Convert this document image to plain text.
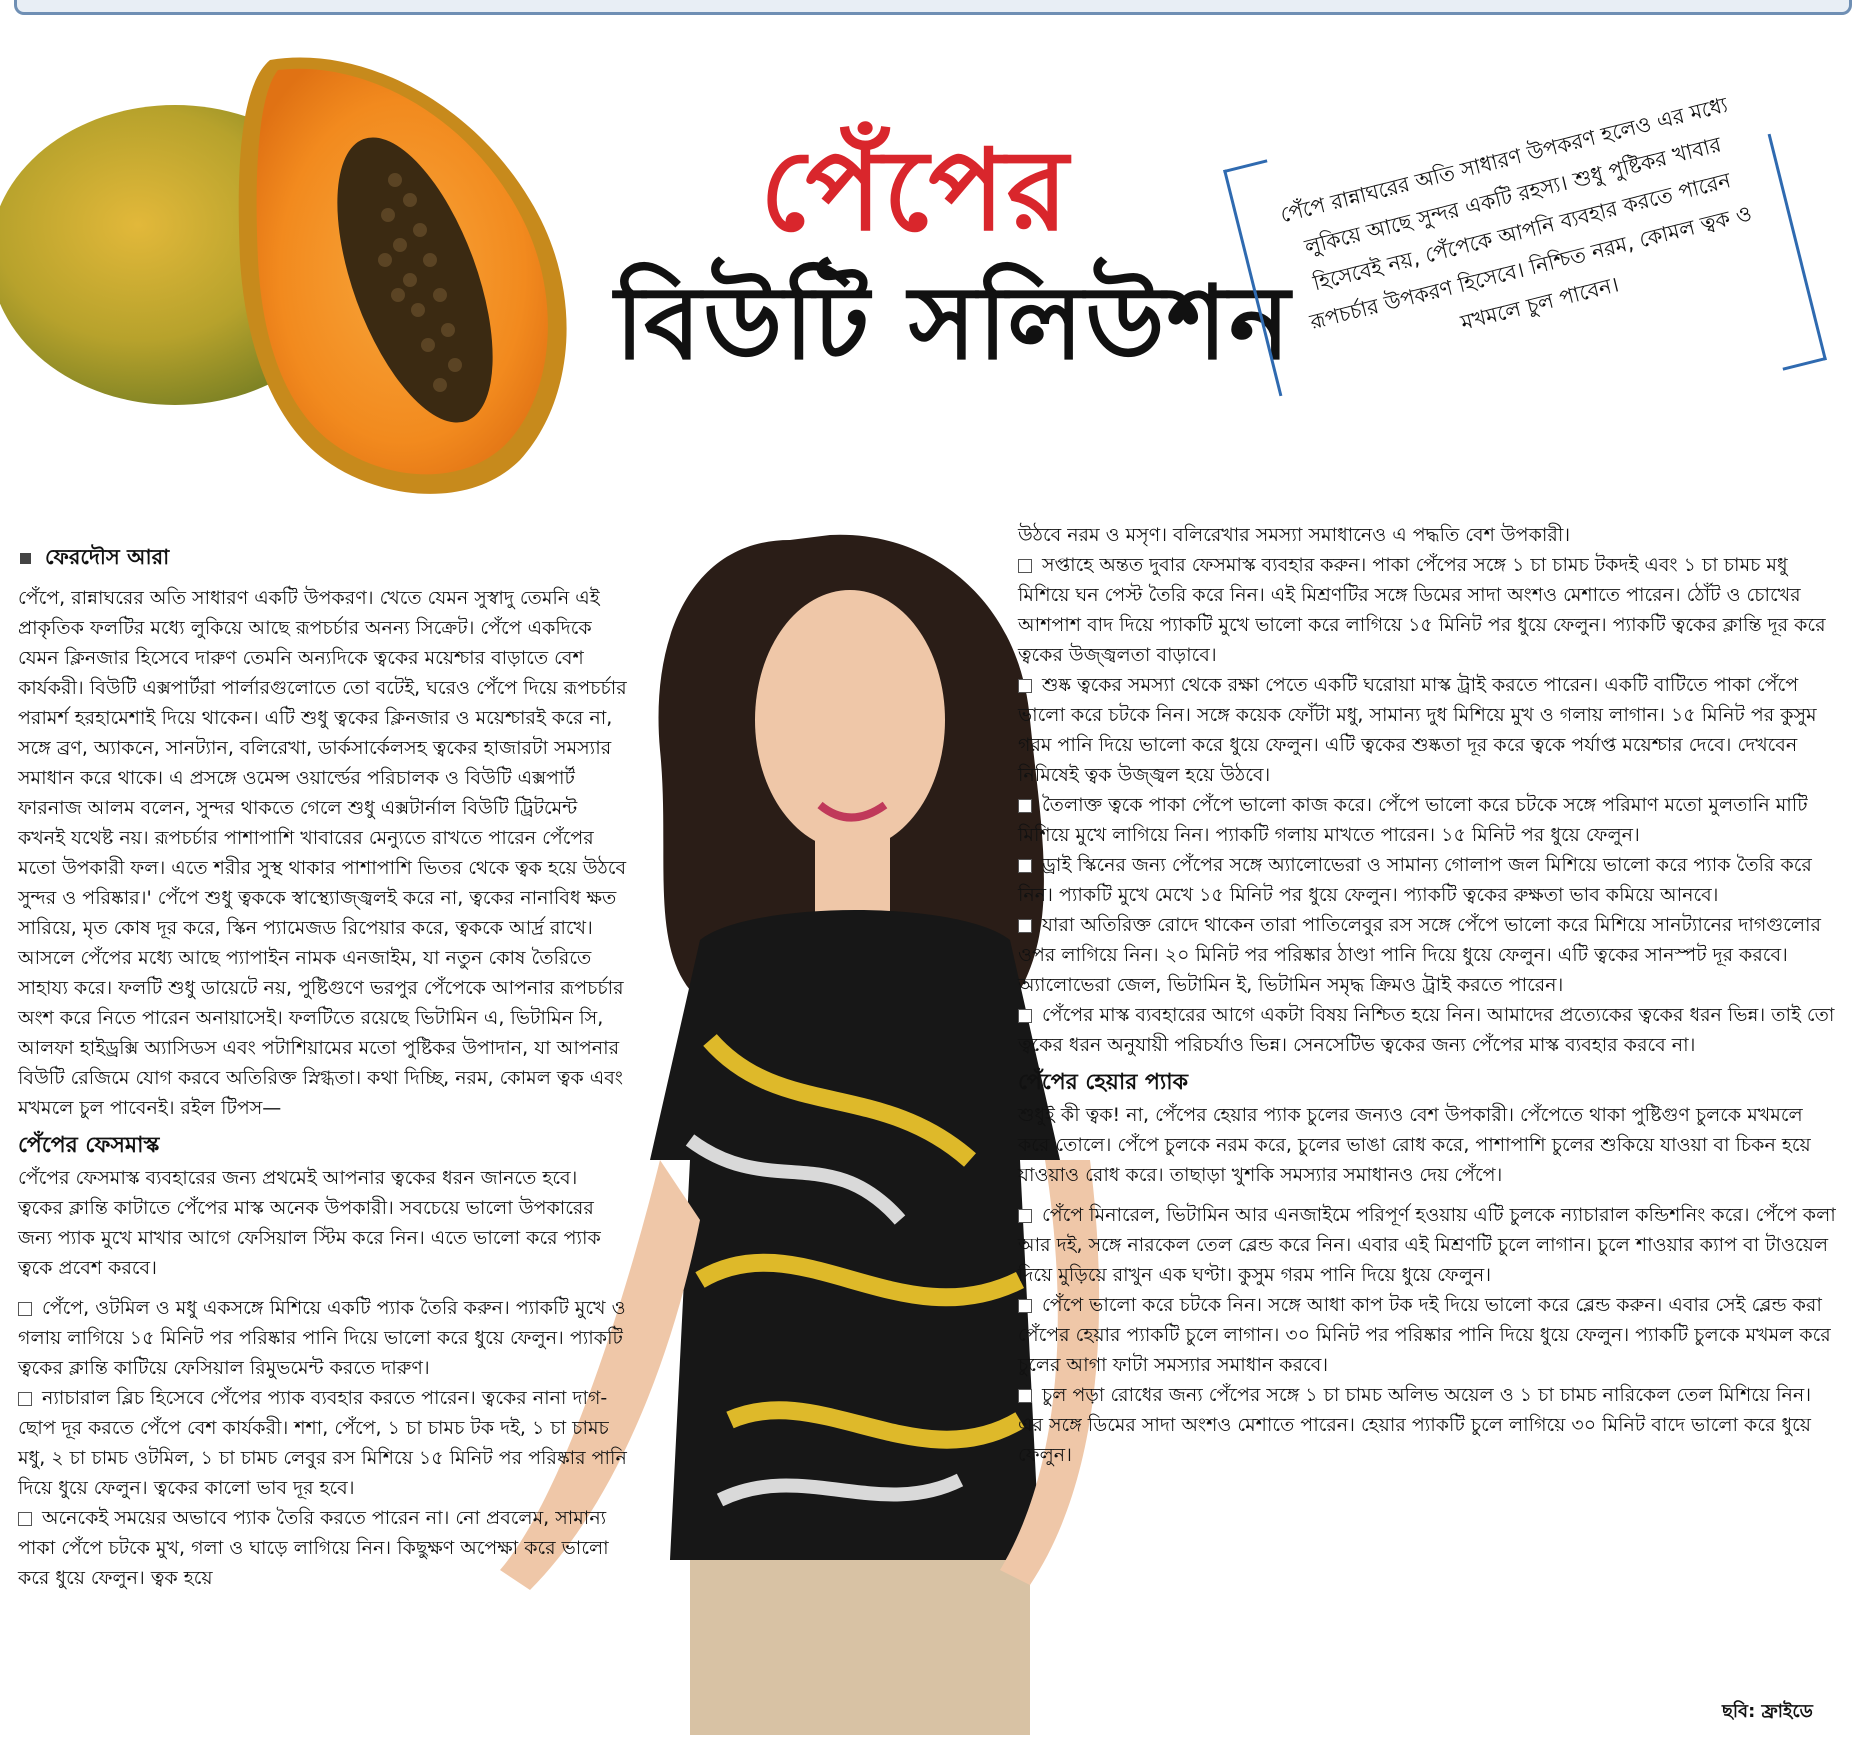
পেঁপের
বিউটি সলিউশন
পেঁপে রান্নাঘরের অতি সাধারণ উপকরণ হলেও এর মধ্যে লুকিয়ে আছে সুন্দর একটি রহস্য। শুধু পুষ্টিকর খাবার হিসেবেই নয়, পেঁপেকে আপনি ব্যবহার করতে পারেন রূপচর্চার উপকরণ হিসেবে। নিশ্চিত নরম, কোমল ত্বক ও মখমলে চুল পাবেন।
ফেরদৌস আরা

পেঁপে, রান্নাঘরের অতি সাধারণ একটি উপকরণ। খেতে যেমন সুস্বাদু তেমনি এই প্রাকৃতিক ফলটির মধ্যে লুকিয়ে আছে রূপচর্চার অনন্য সিক্রেট। পেঁপে একদিকে যেমন ক্লিনজার হিসেবে দারুণ তেমনি অন্যদিকে ত্বকের ময়েশ্চার বাড়াতে বেশ কার্যকরী। বিউটি এক্সপার্টরা পার্লারগুলোতে তো বটেই, ঘরেও পেঁপে দিয়ে রূপচর্চার পরামর্শ হরহামেশাই দিয়ে থাকেন। এটি শুধু ত্বকের ক্লিনজার ও ময়েশ্চারই করে না, সঙ্গে ব্রণ, অ্যাকনে, সানট্যান, বলিরেখা, ডার্কসার্কেলসহ ত্বকের হাজারটা সমস্যার সমাধান করে থাকে। এ প্রসঙ্গে ওমেন্স ওয়ার্ল্ডের পরিচালক ও বিউটি এক্সপার্ট ফারনাজ আলম বলেন, সুন্দর থাকতে গেলে শুধু এক্সটার্নাল বিউটি ট্রিটমেন্ট কখনই যথেষ্ট নয়। রূপচর্চার পাশাপাশি খাবারের মেন্যুতে রাখতে পারেন পেঁপের মতো উপকারী ফল। এতে শরীর সুস্থ থাকার পাশাপাশি ভিতর থেকে ত্বক হয়ে উঠবে সুন্দর ও পরিষ্কার।' পেঁপে শুধু ত্বককে স্বাস্থ্যোজ্জ্বলই করে না, ত্বকের নানাবিধ ক্ষত সারিয়ে, মৃত কোষ দূর করে, স্কিন প্যামেজড রিপেয়ার করে, ত্বককে আর্দ্র রাখে। আসলে পেঁপের মধ্যে আছে প্যাপাইন নামক এনজাইম, যা নতুন কোষ তৈরিতে সাহায্য করে। ফলটি শুধু ডায়েটে নয়, পুষ্টিগুণে ভরপুর পেঁপেকে আপনার রূপচর্চার অংশ করে নিতে পারেন অনায়াসেই। ফলটিতে রয়েছে ভিটামিন এ, ভিটামিন সি, আলফা হাইড্রক্সি অ্যাসিডস এবং পটাশিয়ামের মতো পুষ্টিকর উপাদান, যা আপনার বিউটি রেজিমে যোগ করবে অতিরিক্ত স্নিগ্ধতা। কথা দিচ্ছি, নরম, কোমল ত্বক এবং মখমলে চুল পাবেনই। রইল টিপস—

পেঁপের ফেসমাস্ক

পেঁপের ফেসমাস্ক ব্যবহারের জন্য প্রথমেই আপনার ত্বকের ধরন জানতে হবে। ত্বকের ক্লান্তি কাটাতে পেঁপের মাস্ক অনেক উপকারী। সবচেয়ে ভালো উপকারের জন্য প্যাক মুখে মাখার আগে ফেসিয়াল স্টিম করে নিন। এতে ভালো করে প্যাক ত্বকে প্রবেশ করবে।

পেঁপে, ওটমিল ও মধু একসঙ্গে মিশিয়ে একটি প্যাক তৈরি করুন। প্যাকটি মুখে ও গলায় লাগিয়ে ১৫ মিনিট পর পরিষ্কার পানি দিয়ে ভালো করে ধুয়ে ফেলুন। প্যাকটি ত্বকের ক্লান্তি কাটিয়ে ফেসিয়াল রিমুভমেন্ট করতে দারুণ।

ন্যাচারাল ব্লিচ হিসেবে পেঁপের প্যাক ব্যবহার করতে পারেন। ত্বকের নানা দাগ-ছোপ দূর করতে পেঁপে বেশ কার্যকরী। শশা, পেঁপে, ১ চা চামচ টক দই, ১ চা চামচ মধু, ২ চা চামচ ওটমিল, ১ চা চামচ লেবুর রস মিশিয়ে ১৫ মিনিট পর পরিষ্কার পানি দিয়ে ধুয়ে ফেলুন। ত্বকের কালো ভাব দূর হবে।

অনেকেই সময়ের অভাবে প্যাক তৈরি করতে পারেন না। নো প্রবলেম, সামান্য পাকা পেঁপে চটকে মুখ, গলা ও ঘাড়ে লাগিয়ে নিন। কিছুক্ষণ অপেক্ষা করে ভালো করে ধুয়ে ফেলুন। ত্বক হয়ে

উঠবে নরম ও মসৃণ। বলিরেখার সমস্যা সমাধানেও এ পদ্ধতি বেশ উপকারী।

সপ্তাহে অন্তত দুবার ফেসমাস্ক ব্যবহার করুন। পাকা পেঁপের সঙ্গে ১ চা চামচ টকদই এবং ১ চা চামচ মধু মিশিয়ে ঘন পেস্ট তৈরি করে নিন। এই মিশ্রণটির সঙ্গে ডিমের সাদা অংশও মেশাতে পারেন। ঠোঁট ও চোখের আশপাশ বাদ দিয়ে প্যাকটি মুখে ভালো করে লাগিয়ে ১৫ মিনিট পর ধুয়ে ফেলুন। প্যাকটি ত্বকের ক্লান্তি দূর করে ত্বকের উজ্জ্বলতা বাড়াবে।

শুষ্ক ত্বকের সমস্যা থেকে রক্ষা পেতে একটি ঘরোয়া মাস্ক ট্রাই করতে পারেন। একটি বাটিতে পাকা পেঁপে ভালো করে চটকে নিন। সঙ্গে কয়েক ফোঁটা মধু, সামান্য দুধ মিশিয়ে মুখ ও গলায় লাগান। ১৫ মিনিট পর কুসুম গরম পানি দিয়ে ভালো করে ধুয়ে ফেলুন। এটি ত্বকের শুষ্কতা দূর করে ত্বকে পর্যাপ্ত ময়েশ্চার দেবে। দেখবেন নিমিষেই ত্বক উজ্জ্বল হয়ে উঠবে।

তৈলাক্ত ত্বকে পাকা পেঁপে ভালো কাজ করে। পেঁপে ভালো করে চটকে সঙ্গে পরিমাণ মতো মুলতানি মাটি মিশিয়ে মুখে লাগিয়ে নিন। প্যাকটি গলায় মাখতে পারেন। ১৫ মিনিট পর ধুয়ে ফেলুন।

ড্রাই স্কিনের জন্য পেঁপের সঙ্গে অ্যালোভেরা ও সামান্য গোলাপ জল মিশিয়ে ভালো করে প্যাক তৈরি করে নিন। প্যাকটি মুখে মেখে ১৫ মিনিট পর ধুয়ে ফেলুন। প্যাকটি ত্বকের রুক্ষতা ভাব কমিয়ে আনবে।

যারা অতিরিক্ত রোদে থাকেন তারা পাতিলেবুর রস সঙ্গে পেঁপে ভালো করে মিশিয়ে সানট্যানের দাগগুলোর ওপর লাগিয়ে নিন। ২০ মিনিট পর পরিষ্কার ঠাণ্ডা পানি দিয়ে ধুয়ে ফেলুন। এটি ত্বকের সানস্পট দূর করবে। অ্যালোভেরা জেল, ভিটামিন ই, ভিটামিন সমৃদ্ধ ক্রিমও ট্রাই করতে পারেন।

পেঁপের মাস্ক ব্যবহারের আগে একটা বিষয় নিশ্চিত হয়ে নিন। আমাদের প্রত্যেকের ত্বকের ধরন ভিন্ন। তাই তো ত্বকের ধরন অনুযায়ী পরিচর্যাও ভিন্ন। সেনসেটিভ ত্বকের জন্য পেঁপের মাস্ক ব্যবহার করবে না।

পেঁপের হেয়ার প্যাক

শুধুই কী ত্বক! না, পেঁপের হেয়ার প্যাক চুলের জন্যও বেশ উপকারী। পেঁপেতে থাকা পুষ্টিগুণ চুলকে মখমলে করে তোলে। পেঁপে চুলকে নরম করে, চুলের ভাঙা রোধ করে, পাশাপাশি চুলের শুকিয়ে যাওয়া বা চিকন হয়ে যাওয়াও রোধ করে। তাছাড়া খুশকি সমস্যার সমাধানও দেয় পেঁপে।

পেঁপে মিনারেল, ভিটামিন আর এনজাইমে পরিপূর্ণ হওয়ায় এটি চুলকে ন্যাচারাল কন্ডিশনিং করে। পেঁপে কলা আর দই, সঙ্গে নারকেল তেল ব্লেন্ড করে নিন। এবার এই মিশ্রণটি চুলে লাগান। চুলে শাওয়ার ক্যাপ বা টাওয়েল দিয়ে মুড়িয়ে রাখুন এক ঘণ্টা। কুসুম গরম পানি দিয়ে ধুয়ে ফেলুন।

পেঁপে ভালো করে চটকে নিন। সঙ্গে আধা কাপ টক দই দিয়ে ভালো করে ব্লেন্ড করুন। এবার সেই ব্লেন্ড করা পেঁপের হেয়ার প্যাকটি চুলে লাগান। ৩০ মিনিট পর পরিষ্কার পানি দিয়ে ধুয়ে ফেলুন। প্যাকটি চুলকে মখমল করে চুলের আগা ফাটা সমস্যার সমাধান করবে।

চুল পড়া রোধের জন্য পেঁপের সঙ্গে ১ চা চামচ অলিভ অয়েল ও ১ চা চামচ নারিকেল তেল মিশিয়ে নিন। এর সঙ্গে ডিমের সাদা অংশও মেশাতে পারেন। হেয়ার প্যাকটি চুলে লাগিয়ে ৩০ মিনিট বাদে ভালো করে ধুয়ে ফেলুন।

ছবি: ফ্রাইডে
